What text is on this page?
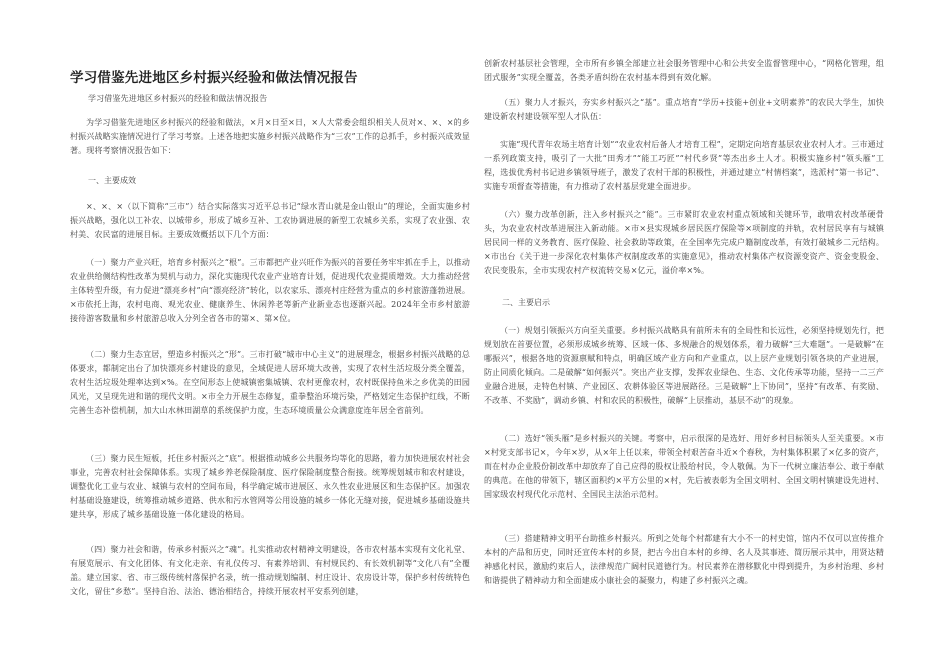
学习借鉴先进地区乡村振兴经验和做法情况报告

学习借鉴先进地区乡村振兴的经验和做法情况报告

为学习借鉴先进地区乡村振兴的经验和做法，×月×日至×日，×人大常委会组织相关人员对×、×、×的乡村振兴战略实施情况进行了学习考察。上述各地把实施乡村振兴战略作为“三农”工作的总抓手，乡村振兴成效显著。现将考察情况报告如下：

一、主要成效

×、×、×（以下简称“三市”）结合实际落实习近平总书记“绿水青山就是金山银山”的理论，全面实施乡村振兴战略，强化以工补农、以城带乡，形成了城乡互补、工农协调进展的新型工农城乡关系，实现了农业强、农村美、农民富的进展目标。主要成效概括以下几个方面：

（一）聚力产业兴旺，培育乡村振兴之“根”。三市都把产业兴旺作为振兴的首要任务牢牢抓在手上，以推动农业供给侧结构性改革为契机与动力，深化实施现代农业产业培育计划，促进现代农业提质增效。大力推动经营主体转型升级，有力促进“漂亮乡村”向“漂亮经济”转化，以农家乐、漂亮村庄经营为重点的乡村旅游蓬勃进展。×市依托上海，农村电商、观光农业、健康养生、休闲养老等新产业新业态也逐渐兴起。2024年全市乡村旅游接待游客数量和乡村旅游总收入分列全省各市的第×、第×位。

（二）聚力生态宜居，塑造乡村振兴之“形”。三市打破“城市中心主义”的进展理念，根据乡村振兴战略的总体要求，都制定出台了加快漂亮乡村建设的意见，全域促进人居环境大改善，实现了农村生活垃圾分类全覆盖，农村生活垃圾处理率达到×%。在空间形态上使城镇密集城镇、农村更像农村，农村既保持鱼米之乡优美的田园风光，又呈现先进和谐的现代文明。×市全力开展生态修复，重拳整治环境污染，严格划定生态保护红线，不断完善生态补偿机制，加大山水林田湖草的系统保护力度，生态环境质量公众满意度连年居全省前列。

（三）聚力民生短板，托住乡村振兴之“底”。根据推动城乡公共服务均等化的思路，着力加快进展农村社会事业，完善农村社会保障体系。实现了城乡养老保险制度、医疗保险制度整合衔接。统筹规划城市和农村建设，调整优化工业与农业、城镇与农村的空间布局，科学确定城市进展区、永久性农业进展区和生态保护区。加强农村基础设施建设，统筹推动城乡道路、供水和污水管网等公用设施的城乡一体化无缝对接，促进城乡基础设施共建共享，形成了城乡基础设施一体化建设的格局。

（四）聚力社会和谐，传承乡村振兴之“魂”。扎实推动农村精神文明建设，各市农村基本实现有文化礼堂、有展览展示、有文化团体、有文化走亲、有礼仪传习、有素养培训、有村规民约、有长效机制等“文化八有”全覆盖。建立国家、省、市三级传统村落保护名录，统一推动规划编制、村庄设计、农房设计等，保护乡村传统特色文化，留住“乡愁”。坚持自治、法治、德治相结合，持续开展农村平安系列创建，

创新农村基层社会管理，全市所有乡镇全部建立社会服务管理中心和公共安全监督管理中心，“网格化管理，组团式服务”实现全覆盖，各类矛盾纠纷在农村基本得到有效化解。

（五）聚力人才振兴，夯实乡村振兴之“基”。重点培育“学历+技能+创业+文明素养”的农民大学生，加快建设新农村建设领军型人才队伍：

实施“现代青年农场主培育计划”“农业农村后备人才培育工程”，定期定向培育基层农业农村人才。三市通过一系列政策支持，吸引了一大批“田秀才”“能工巧匠”“村代乡贤”等杰出乡土人才。积极实施乡村“领头雁”工程，选拔优秀村书记进乡镇领导班子，激发了农村干部的积极性，并通过建立“村情档案”，选派村“第一书记”、实施专项督查等措施，有力推动了农村基层党建全面进步。

（六）聚力改革创新，注入乡村振兴之“能”。三市紧盯农业农村重点领域和关键环节，敢啃农村改革硬骨头，为农业农村改革进展注入新动能。×市×县实现城乡居民医疗保险等×项制度的并轨，农村居民享有与城镇居民同一样的义务教育、医疗保险、社会救助等政策，在全国率先完成户籍制度改革，有效打破城乡二元结构。×市出台《关于进一步深化农村集体产权制度改革的实施意见》，推动农村集体产权资源变资产、资金变股金、农民变股东，全市实现农村产权流转交易×亿元，溢价率×%。

二、主要启示

（一）规划引领振兴方向至关重要。乡村振兴战略具有前所未有的全局性和长远性，必须坚持规划先行，把规划放在首要位置，必须形成城乡统筹、区域一体、多规融合的规划体系，着力破解“三大难题”。一是破解“在哪振兴”，根据各地的资源禀赋和特点，明确区域产业方向和产业重点，以上层产业规划引领各块的产业进展，防止同质化倾向。二是破解“如何振兴”。突出产业支撑，发挥农业绿色、生态、文化传承等功能，坚持一二三产业融合进展，走特色村镇、产业园区、农耕体验区等进展路径。三是破解“上下协同”，坚持“有改革、有奖励、不改革、不奖励”，调动乡镇、村和农民的积极性，破解“上层推动，基层不动”的现象。

（二）选好“领头雁”是乡村振兴的关键。考察中，启示很深的是选好、用好乡村目标领头人至关重要。×市×村党支部书记×，今年×岁，从×年上任以来，带领全村艰苦奋斗近×个春秋，为村集体积累了×亿多的资产，而在村办企业股份制改革中却放弃了自己应得的股权让股给村民，令人敬佩。为下一代树立廉洁奉公、敢于奉献的典范。在他的带领下，辖区面积约×平方公里的×村，先后被表彰为全国文明村、全国文明村镇建设先进村、国家级农村现代化示范村、全国民主法治示范村。

（三）搭建精神文明平台助推乡村振兴。所到之处每个村都建有大小不一的村史馆，馆内不仅可以宣传推介本村的产品和历史，同时还宣传本村的乡贤，把古今出自本村的乡绅、名人及其事迹、简历展示其中，用贤达精神感化村民，激励约束后人，法律规范广阔村民道德行为。村民素养在潜移默化中得到提升，为乡村治理、乡村和谐提供了精神动力和全面建成小康社会的凝聚力，构建了乡村振兴之魂。
